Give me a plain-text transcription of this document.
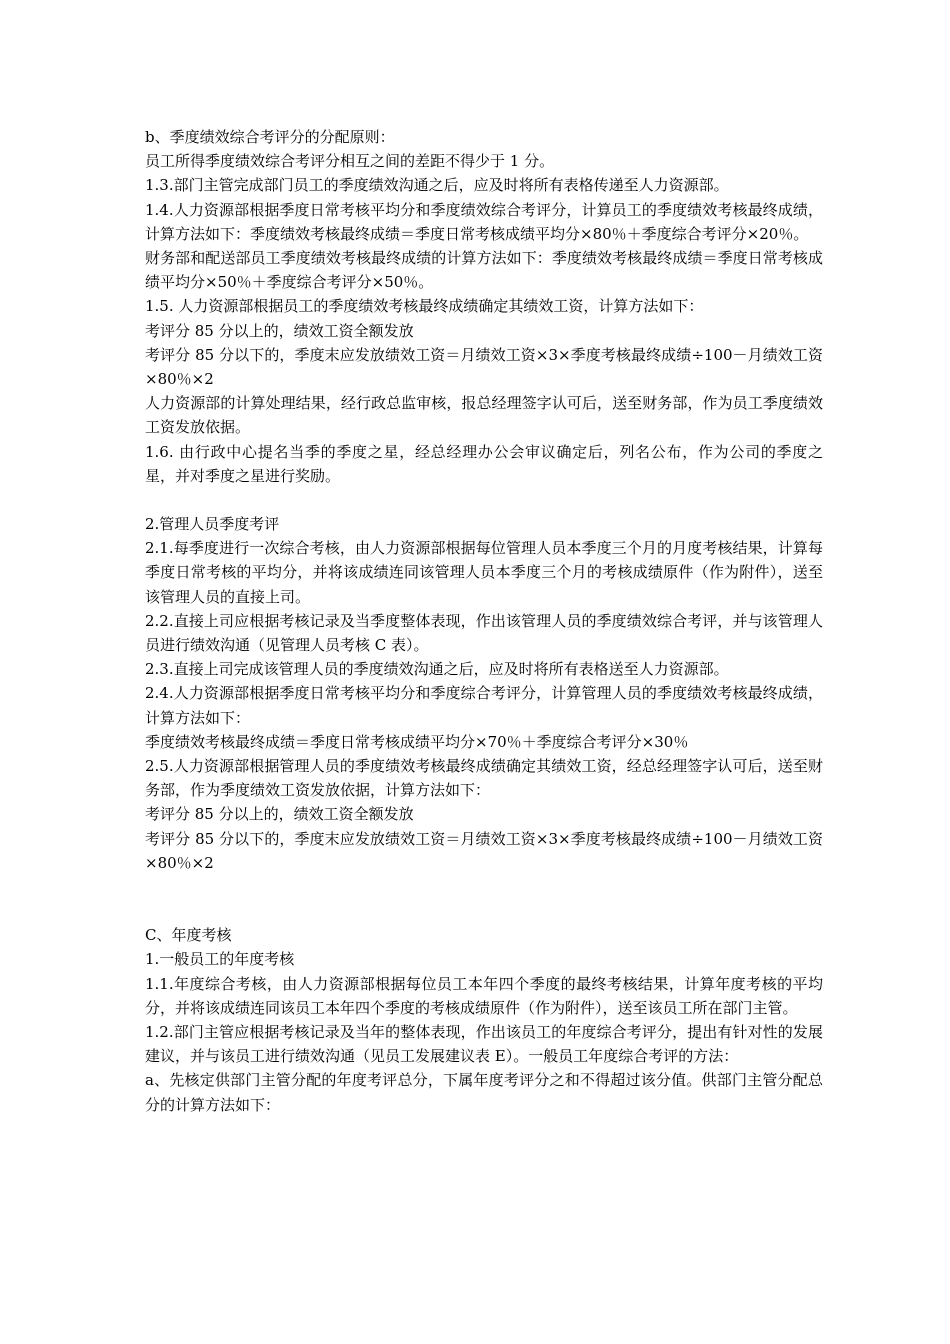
b、季度绩效综合考评分的分配原则：

员工所得季度绩效综合考评分相互之间的差距不得少于 1 分。

1.3.部门主管完成部门员工的季度绩效沟通之后，应及时将所有表格传递至人力资源部。

1.4.人力资源部根据季度日常考核平均分和季度绩效综合考评分，计算员工的季度绩效考核最终成绩，计算方法如下：季度绩效考核最终成绩＝季度日常考核成绩平均分×80％＋季度综合考评分×20％。

财务部和配送部员工季度绩效考核最终成绩的计算方法如下：季度绩效考核最终成绩＝季度日常考核成绩平均分×50％＋季度综合考评分×50％。

1.5. 人力资源部根据员工的季度绩效考核最终成绩确定其绩效工资，计算方法如下：

考评分 85 分以上的，绩效工资全额发放

考评分 85 分以下的，季度末应发放绩效工资＝月绩效工资×3×季度考核最终成绩÷100－月绩效工资×80％×2

人力资源部的计算处理结果，经行政总监审核，报总经理签字认可后，送至财务部，作为员工季度绩效工资发放依据。

1.6. 由行政中心提名当季的季度之星，经总经理办公会审议确定后，列名公布，作为公司的季度之星，并对季度之星进行奖励。

2.管理人员季度考评

2.1.每季度进行一次综合考核，由人力资源部根据每位管理人员本季度三个月的月度考核结果，计算每季度日常考核的平均分，并将该成绩连同该管理人员本季度三个月的考核成绩原件（作为附件），送至该管理人员的直接上司。

2.2.直接上司应根据考核记录及当季度整体表现，作出该管理人员的季度绩效综合考评，并与该管理人员进行绩效沟通（见管理人员考核 C 表）。

2.3.直接上司完成该管理人员的季度绩效沟通之后，应及时将所有表格送至人力资源部。

2.4.人力资源部根据季度日常考核平均分和季度综合考评分，计算管理人员的季度绩效考核最终成绩，计算方法如下：

季度绩效考核最终成绩＝季度日常考核成绩平均分×70％＋季度综合考评分×30％

2.5.人力资源部根据管理人员的季度绩效考核最终成绩确定其绩效工资，经总经理签字认可后，送至财务部，作为季度绩效工资发放依据，计算方法如下：

考评分 85 分以上的，绩效工资全额发放

考评分 85 分以下的，季度末应发放绩效工资＝月绩效工资×3×季度考核最终成绩÷100－月绩效工资×80％×2

C、年度考核

1.一般员工的年度考核

1.1.年度综合考核，由人力资源部根据每位员工本年四个季度的最终考核结果，计算年度考核的平均分，并将该成绩连同该员工本年四个季度的考核成绩原件（作为附件），送至该员工所在部门主管。

1.2.部门主管应根据考核记录及当年的整体表现，作出该员工的年度综合考评分，提出有针对性的发展建议，并与该员工进行绩效沟通（见员工发展建议表 E）。一般员工年度综合考评的方法：

a、先核定供部门主管分配的年度考评总分，下属年度考评分之和不得超过该分值。供部门主管分配总分的计算方法如下：
